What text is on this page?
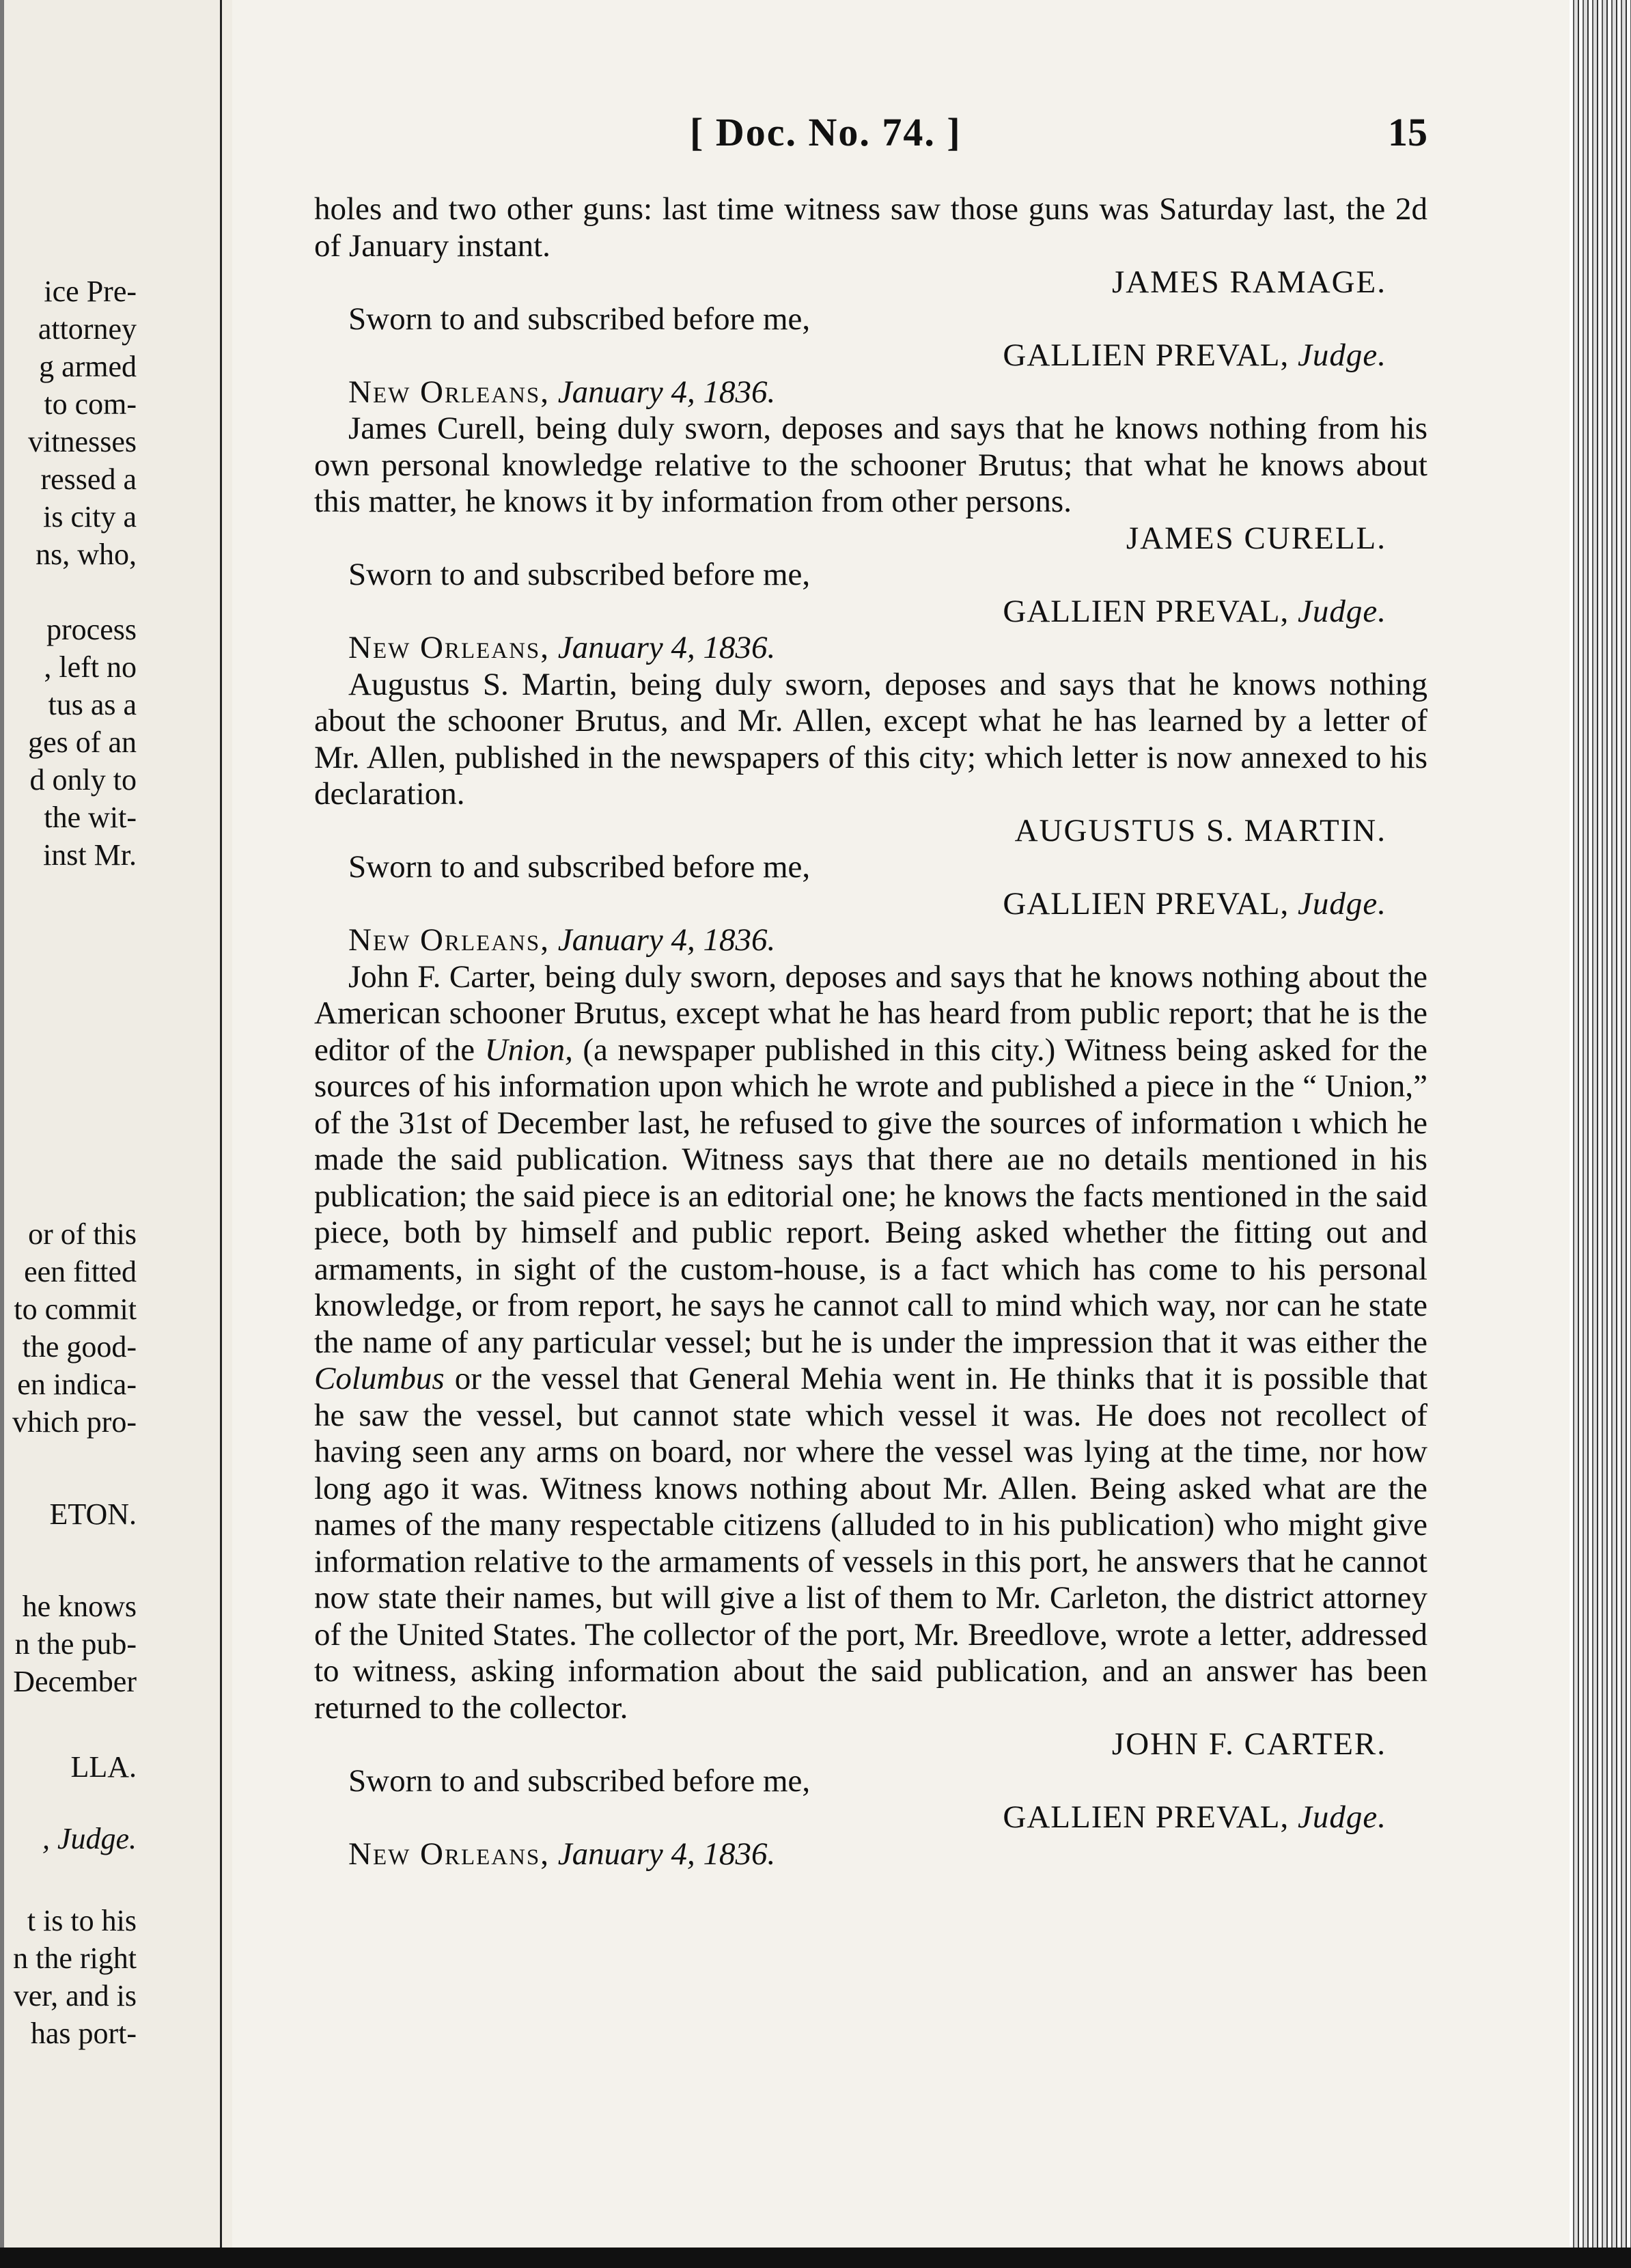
ice Pre-
attorney
g armed
to com-
vitnesses
ressed a
is city a
ns, who,
process
, left no
tus as a
ges of an
d only to
the wit-
inst Mr.
or of this
een fitted
to commit
the good-
en indica-
vhich pro-
ETON.
he knows
n the pub-
December
LLA.
, Judge.
t is to his
n the right
ver, and is
has port-
[ Doc. No. 74. ]	15

holes and two other guns: last time witness saw those guns was Saturday last, the 2d of January instant.

JAMES RAMAGE.

Sworn to and subscribed before me,

GALLIEN PREVAL, Judge.

New Orleans, January 4, 1836.

James Curell, being duly sworn, deposes and says that he knows nothing from his own personal knowledge relative to the schooner Brutus; that what he knows about this matter, he knows it by information from other persons.

JAMES CURELL.

Sworn to and subscribed before me,

GALLIEN PREVAL, Judge.

New Orleans, January 4, 1836.

Augustus S. Martin, being duly sworn, deposes and says that he knows nothing about the schooner Brutus, and Mr. Allen, except what he has learned by a letter of Mr. Allen, published in the newspapers of this city; which letter is now annexed to his declaration.

AUGUSTUS S. MARTIN.

Sworn to and subscribed before me,

GALLIEN PREVAL, Judge.

New Orleans, January 4, 1836.

John F. Carter, being duly sworn, deposes and says that he knows nothing about the American schooner Brutus, except what he has heard from public report; that he is the editor of the Union, (a newspaper published in this city.) Witness being asked for the sources of his information upon which he wrote and published a piece in the “ Union,” of the 31st of December last, he refused to give the sources of information ι which he made the said publication. Witness says that there aıe no details mentioned in his publication; the said piece is an editorial one; he knows the facts mentioned in the said piece, both by himself and public report. Being asked whether the fitting out and armaments, in sight of the custom-house, is a fact which has come to his personal knowledge, or from report, he says he cannot call to mind which way, nor can he state the name of any particular vessel; but he is under the impression that it was either the Columbus or the vessel that General Mehia went in. He thinks that it is possible that he saw the vessel, but cannot state which vessel it was. He does not recollect of having seen any arms on board, nor where the vessel was lying at the time, nor how long ago it was. Witness knows nothing about Mr. Allen. Being asked what are the names of the many respectable citizens (alluded to in his publication) who might give information relative to the armaments of vessels in this port, he answers that he cannot now state their names, but will give a list of them to Mr. Carleton, the district attorney of the United States. The collector of the port, Mr. Breedlove, wrote a letter, addressed to witness, asking information about the said publication, and an answer has been returned to the collector.

JOHN F. CARTER.

Sworn to and subscribed before me,

GALLIEN PREVAL, Judge.

New Orleans, January 4, 1836.
